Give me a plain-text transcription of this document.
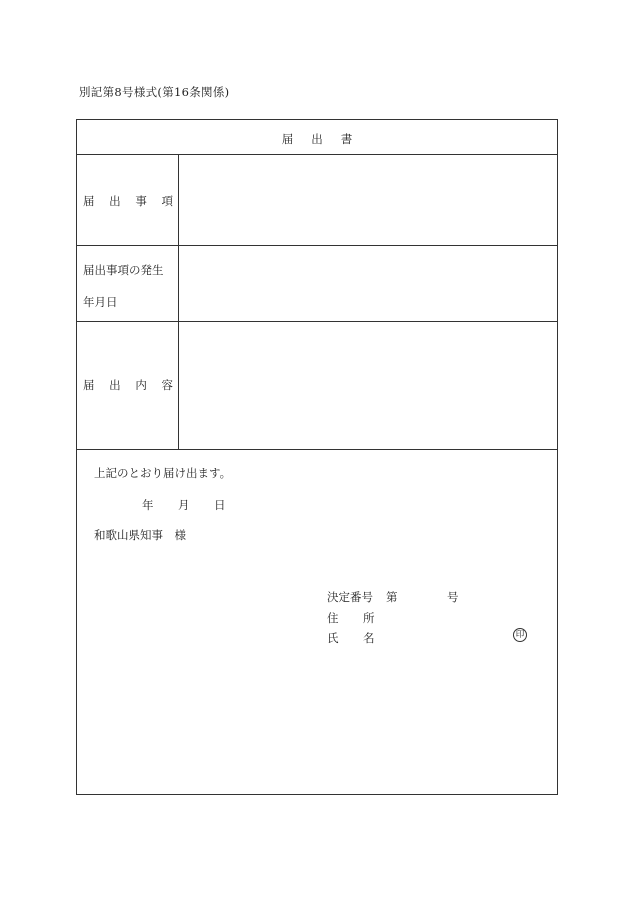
別記第8号様式(第16条関係)
届出書
届 出 事 項
届出事項の発生
年月日
届 出 内 容
上記のとおり届け出ます。
年 月 日
和歌山県知事　様
決定番号 第	号
住 所
氏 名	印
